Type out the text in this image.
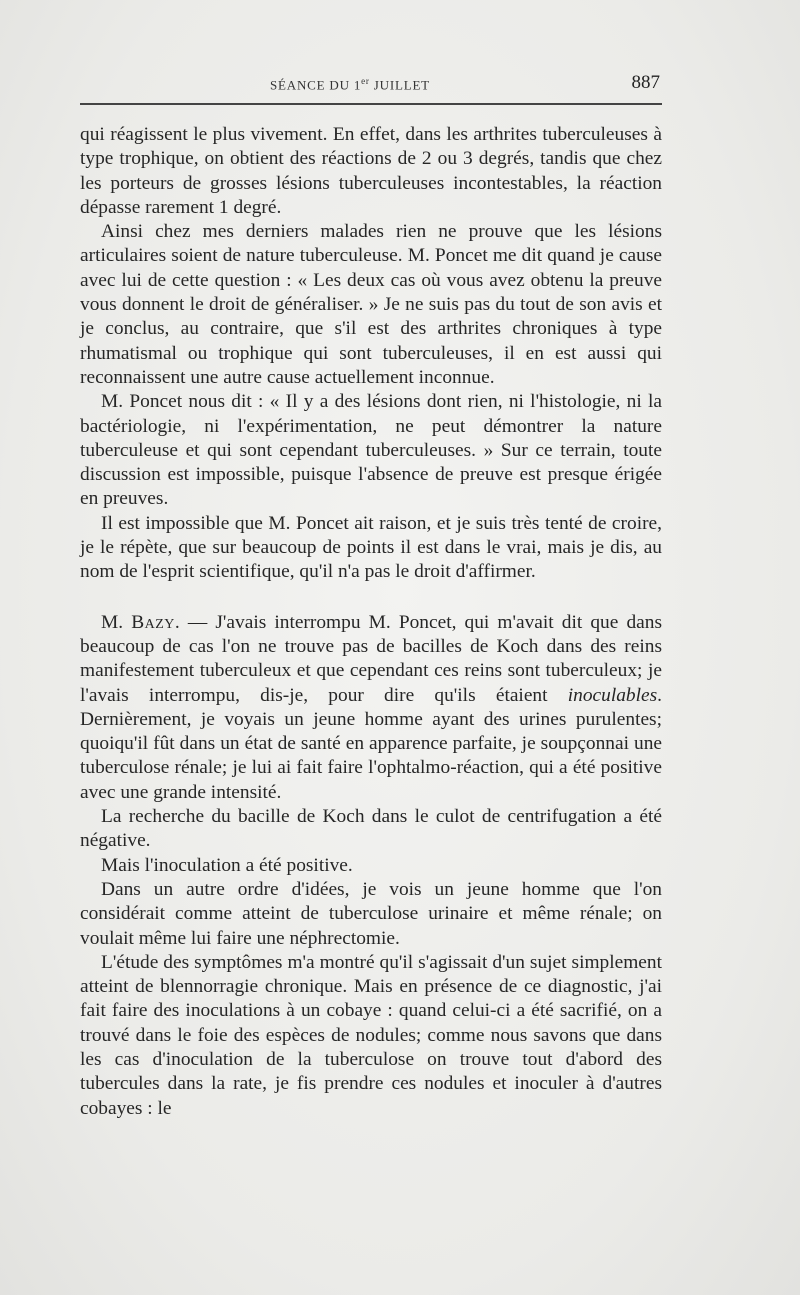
SÉANCE DU 1er JUILLET	887

qui réagissent le plus vivement. En effet, dans les arthrites tuberculeuses à type trophique, on obtient des réactions de 2 ou 3 degrés, tandis que chez les porteurs de grosses lésions tuberculeuses incontestables, la réaction dépasse rarement 1 degré.

Ainsi chez mes derniers malades rien ne prouve que les lésions articulaires soient de nature tuberculeuse. M. Poncet me dit quand je cause avec lui de cette question : « Les deux cas où vous avez obtenu la preuve vous donnent le droit de généraliser. » Je ne suis pas du tout de son avis et je conclus, au contraire, que s'il est des arthrites chroniques à type rhumatismal ou trophique qui sont tuberculeuses, il en est aussi qui reconnaissent une autre cause actuellement inconnue.

M. Poncet nous dit : « Il y a des lésions dont rien, ni l'histologie, ni la bactériologie, ni l'expérimentation, ne peut démontrer la nature tuberculeuse et qui sont cependant tuberculeuses. » Sur ce terrain, toute discussion est impossible, puisque l'absence de preuve est presque érigée en preuves.

Il est impossible que M. Poncet ait raison, et je suis très tenté de croire, je le répète, que sur beaucoup de points il est dans le vrai, mais je dis, au nom de l'esprit scientifique, qu'il n'a pas le droit d'affirmer.

M. Bazy. — J'avais interrompu M. Poncet, qui m'avait dit que dans beaucoup de cas l'on ne trouve pas de bacilles de Koch dans des reins manifestement tuberculeux et que cependant ces reins sont tuberculeux; je l'avais interrompu, dis-je, pour dire qu'ils étaient inoculables. Dernièrement, je voyais un jeune homme ayant des urines purulentes; quoiqu'il fût dans un état de santé en apparence parfaite, je soupçonnai une tuberculose rénale; je lui ai fait faire l'ophtalmo-réaction, qui a été positive avec une grande intensité.

La recherche du bacille de Koch dans le culot de centrifugation a été négative.

Mais l'inoculation a été positive.

Dans un autre ordre d'idées, je vois un jeune homme que l'on considérait comme atteint de tuberculose urinaire et même rénale; on voulait même lui faire une néphrectomie.

L'étude des symptômes m'a montré qu'il s'agissait d'un sujet simplement atteint de blennorragie chronique. Mais en présence de ce diagnostic, j'ai fait faire des inoculations à un cobaye : quand celui-ci a été sacrifié, on a trouvé dans le foie des espèces de nodules; comme nous savons que dans les cas d'inoculation de la tuberculose on trouve tout d'abord des tubercules dans la rate, je fis prendre ces nodules et inoculer à d'autres cobayes : le
